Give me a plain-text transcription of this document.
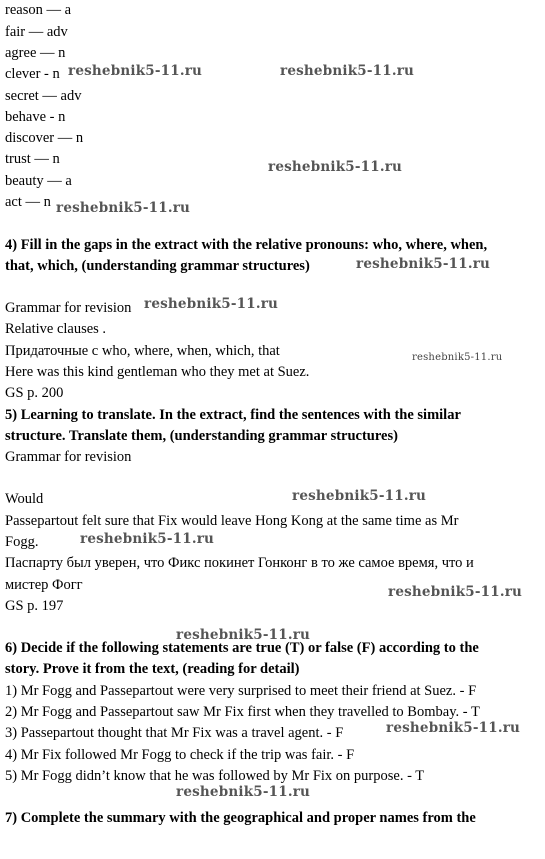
reason — a
fair — adv
agree — n
clever - n
secret — adv
behave - n
discover — n
trust — n
beauty — a
act — n
4) Fill in the gaps in the extract with the relative pronouns: who, where, when,
that, which, (understanding grammar structures)
Grammar for revision
Relative clauses .
Придаточные с who, where, when, which, that
Here was this kind gentleman who they met at Suez.
GS p. 200
5) Learning to translate. In the extract, find the sentences with the similar
structure. Translate them, (understanding grammar structures)
Grammar for revision
Would
Passepartout felt sure that Fix would leave Hong Kong at the same time as Mr
Fogg.
Паспарту был уверен, что Фикс покинет Гонконг в то же самое время, что и
мистер Фогг
GS p. 197
6) Decide if the following statements are true (T) or false (F) according to the
story. Prove it from the text, (reading for detail)
1) Mr Fogg and Passepartout were very surprised to meet their friend at Suez. - F
2) Mr Fogg and Passepartout saw Mr Fix first when they travelled to Bombay. - T
3) Passepartout thought that Mr Fix was a travel agent. - F
4) Mr Fix followed Mr Fogg to check if the trip was fair. - F
5) Mr Fogg didn’t know that he was followed by Mr Fix on purpose. - T
7) Complete the summary with the geographical and proper names from the
reshebnik5-11.ru	reshebnik5-11.ru
reshebnik5-11.ru
reshebnik5-11.ru
reshebnik5-11.ru
reshebnik5-11.ru
reshebnik5-11.ru
reshebnik5-11.ru
reshebnik5-11.ru
reshebnik5-11.ru
reshebnik5-11.ru
reshebnik5-11.ru
reshebnik5-11.ru
